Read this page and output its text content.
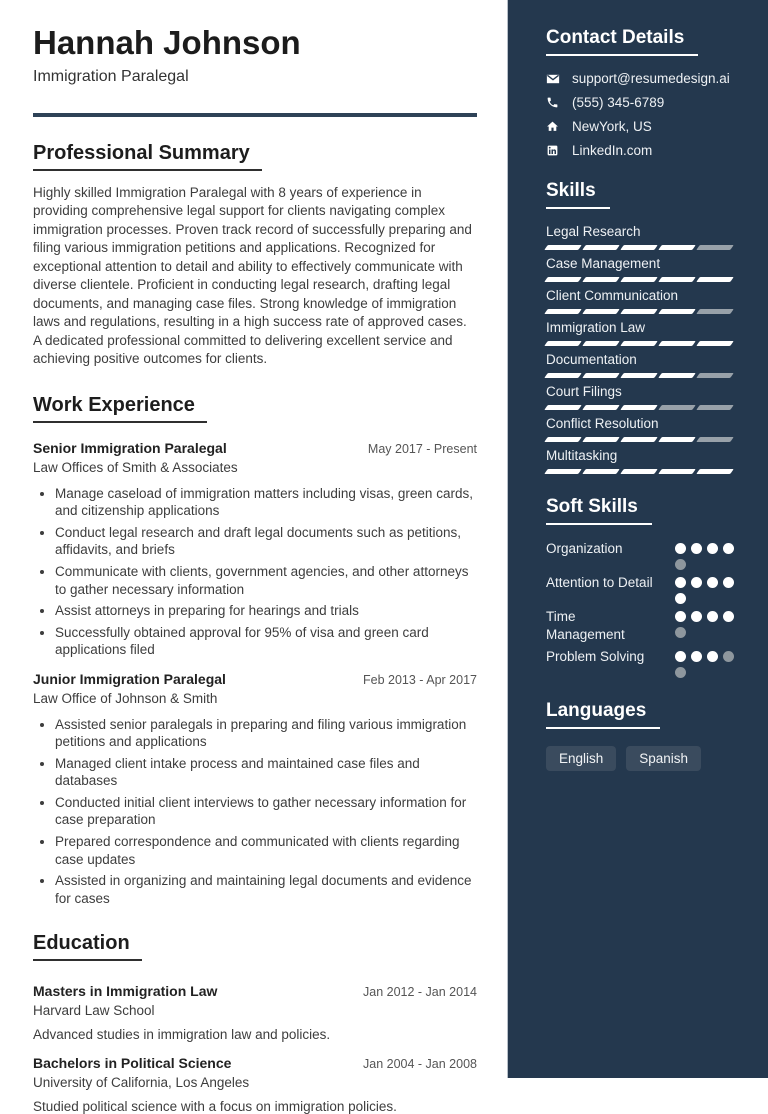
Hannah Johnson
Immigration Paralegal
Professional Summary

Highly skilled Immigration Paralegal with 8 years of experience in providing comprehensive legal support for clients navigating complex immigration processes. Proven track record of successfully preparing and filing various immigration petitions and applications. Recognized for exceptional attention to detail and ability to effectively communicate with diverse clientele. Proficient in conducting legal research, drafting legal documents, and managing case files. Strong knowledge of immigration laws and regulations, resulting in a high success rate of approved cases. A dedicated professional committed to delivering excellent service and achieving positive outcomes for clients.

Work Experience
Senior Immigration Paralegal	May 2017 - Present
Law Offices of Smith & Associates
• Manage caseload of immigration matters including visas, green cards, and citizenship applications
• Conduct legal research and draft legal documents such as petitions, affidavits, and briefs
• Communicate with clients, government agencies, and other attorneys to gather necessary information
• Assist attorneys in preparing for hearings and trials
• Successfully obtained approval for 95% of visa and green card applications filed
Junior Immigration Paralegal	Feb 2013 - Apr 2017
Law Office of Johnson & Smith
• Assisted senior paralegals in preparing and filing various immigration petitions and applications
• Managed client intake process and maintained case files and databases
• Conducted initial client interviews to gather necessary information for case preparation
• Prepared correspondence and communicated with clients regarding case updates
• Assisted in organizing and maintaining legal documents and evidence for cases
Education
Masters in Immigration Law	Jan 2012 - Jan 2014
Harvard Law School
Advanced studies in immigration law and policies.
Bachelors in Political Science	Jan 2004 - Jan 2008
University of California, Los Angeles
Studied political science with a focus on immigration policies.
Contact Details
support@resumedesign.ai
(555) 345-6789
NewYork, US
LinkedIn.com
Skills
Legal Research
Case Management
Client Communication
Immigration Law
Documentation
Court Filings
Conflict Resolution
Multitasking
Soft Skills
Organization
Attention to Detail
Time Management
Problem Solving
Languages
English	Spanish
